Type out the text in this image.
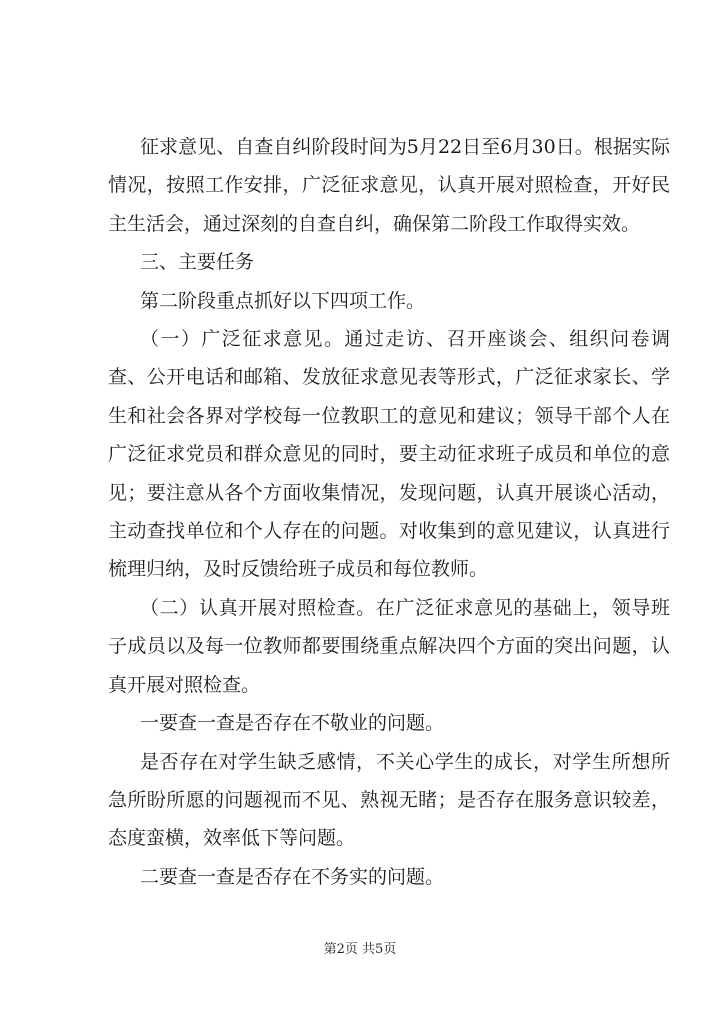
征求意见、自查自纠阶段时间为5月22日至6月30日。根据实际情况，按照工作安排，广泛征求意见，认真开展对照检查，开好民主生活会，通过深刻的自查自纠，确保第二阶段工作取得实效。

三、主要任务

第二阶段重点抓好以下四项工作。

（一）广泛征求意见。通过走访、召开座谈会、组织问卷调查、公开电话和邮箱、发放征求意见表等形式，广泛征求家长、学生和社会各界对学校每一位教职工的意见和建议；领导干部个人在广泛征求党员和群众意见的同时，要主动征求班子成员和单位的意见；要注意从各个方面收集情况，发现问题，认真开展谈心活动，主动查找单位和个人存在的问题。对收集到的意见建议，认真进行梳理归纳，及时反馈给班子成员和每位教师。

（二）认真开展对照检查。在广泛征求意见的基础上，领导班子成员以及每一位教师都要围绕重点解决四个方面的突出问题，认真开展对照检查。

一要查一查是否存在不敬业的问题。

是否存在对学生缺乏感情，不关心学生的成长，对学生所想所急所盼所愿的问题视而不见、熟视无睹；是否存在服务意识较差，态度蛮横，效率低下等问题。

二要查一查是否存在不务实的问题。

第2页 共5页
